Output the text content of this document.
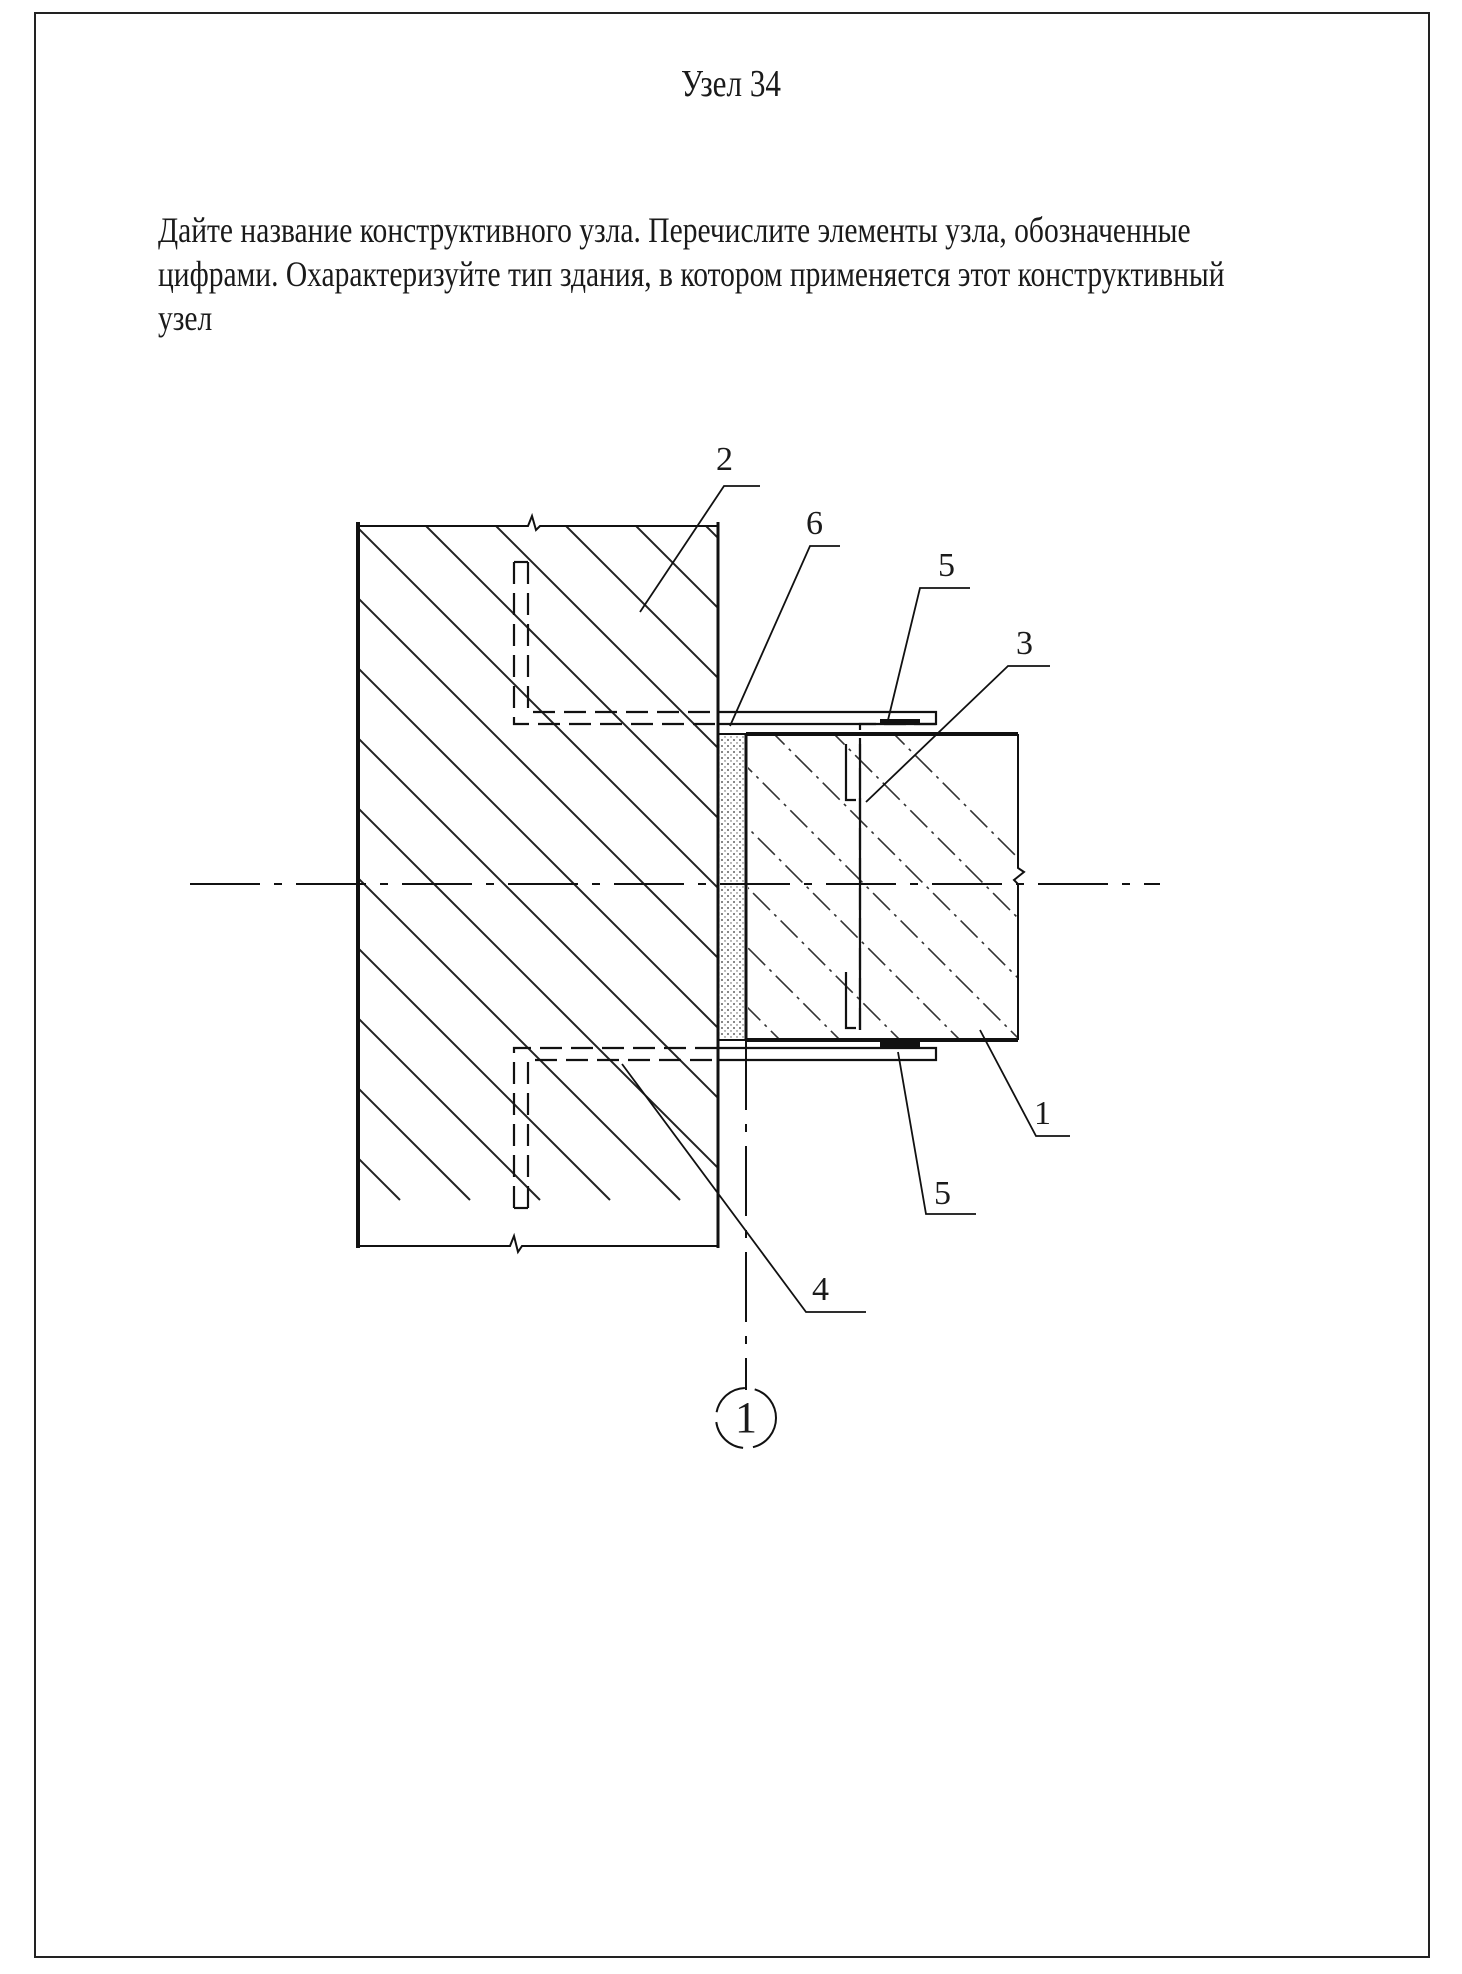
Узел 34
Дайте название конструктивного узла. Перечислите элементы узла, обозначенные
цифрами. Охарактеризуйте тип здания, в котором применяется этот конструктивный
узел
2
6
5
3
1
5
4
1
